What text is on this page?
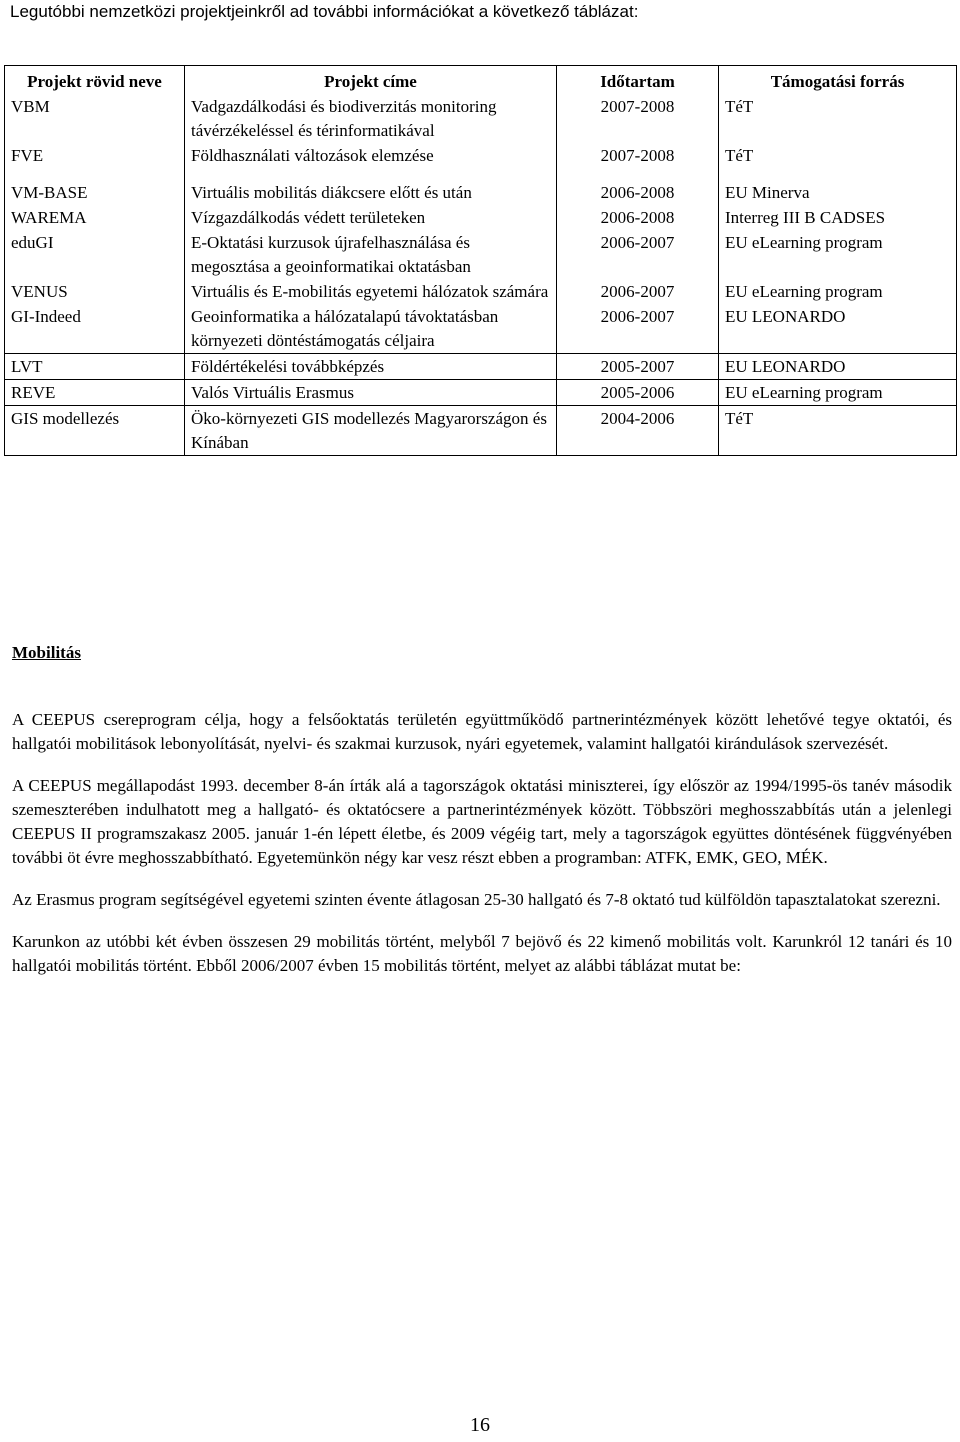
Legutóbbi nemzetközi projektjeinkről ad további információkat a következő táblázat:
Projekt rövid neve	Projekt címe	Időtartam	Támogatási forrás
VBM	Vadgazdálkodási és biodiverzitás monitoring távérzékeléssel és térinformatikával	2007-2008	TéT
FVE	Földhasználati változások elemzése	2007-2008	TéT
VM-BASE	Virtuális mobilitás diákcsere előtt és után	2006-2008	EU Minerva
WAREMA	Vízgazdálkodás védett területeken	2006-2008	Interreg III B CADSES
eduGI	E-Oktatási kurzusok újrafelhasználása és megosztása a geoinformatikai oktatásban	2006-2007	EU eLearning program
VENUS	Virtuális és E-mobilitás egyetemi hálózatok számára	2006-2007	EU eLearning program
GI-Indeed	Geoinformatika a hálózatalapú távoktatásban környezeti döntéstámogatás céljaira	2006-2007	EU LEONARDO
LVT	Földértékelési továbbképzés	2005-2007	EU LEONARDO
REVE	Valós Virtuális Erasmus	2005-2006	EU eLearning program
GIS modellezés	Öko-környezeti GIS modellezés Magyarországon és Kínában	2004-2006	TéT
Mobilitás

A CEEPUS csereprogram célja, hogy a felsőoktatás területén együttműködő partnerintézmények között lehetővé tegye oktatói, és hallgatói mobilitások lebonyolítását, nyelvi- és szakmai kurzusok, nyári egyetemek, valamint hallgatói kirándulások szervezését.

A CEEPUS megállapodást 1993. december 8-án írták alá a tagországok oktatási miniszterei, így először az 1994/1995-ös tanév második szemeszterében indulhatott meg a hallgató- és oktatócsere a partnerintézmények között. Többszöri meghosszabbítás után a jelenlegi CEEPUS II programszakasz 2005. január 1-én lépett életbe, és 2009 végéig tart, mely a tagországok együttes döntésének függvényében további öt évre meghosszabbítható. Egyetemünkön négy kar vesz részt ebben a programban: ATFK, EMK, GEO, MÉK.

Az Erasmus program segítségével egyetemi szinten évente átlagosan 25-30 hallgató és 7-8 oktató tud külföldön tapasztalatokat szerezni.

Karunkon az utóbbi két évben összesen 29 mobilitás történt, melyből 7 bejövő és 22 kimenő mobilitás volt. Karunkról 12 tanári és 10 hallgatói mobilitás történt. Ebből 2006/2007 évben 15 mobilitás történt, melyet az alábbi táblázat mutat be:

16
